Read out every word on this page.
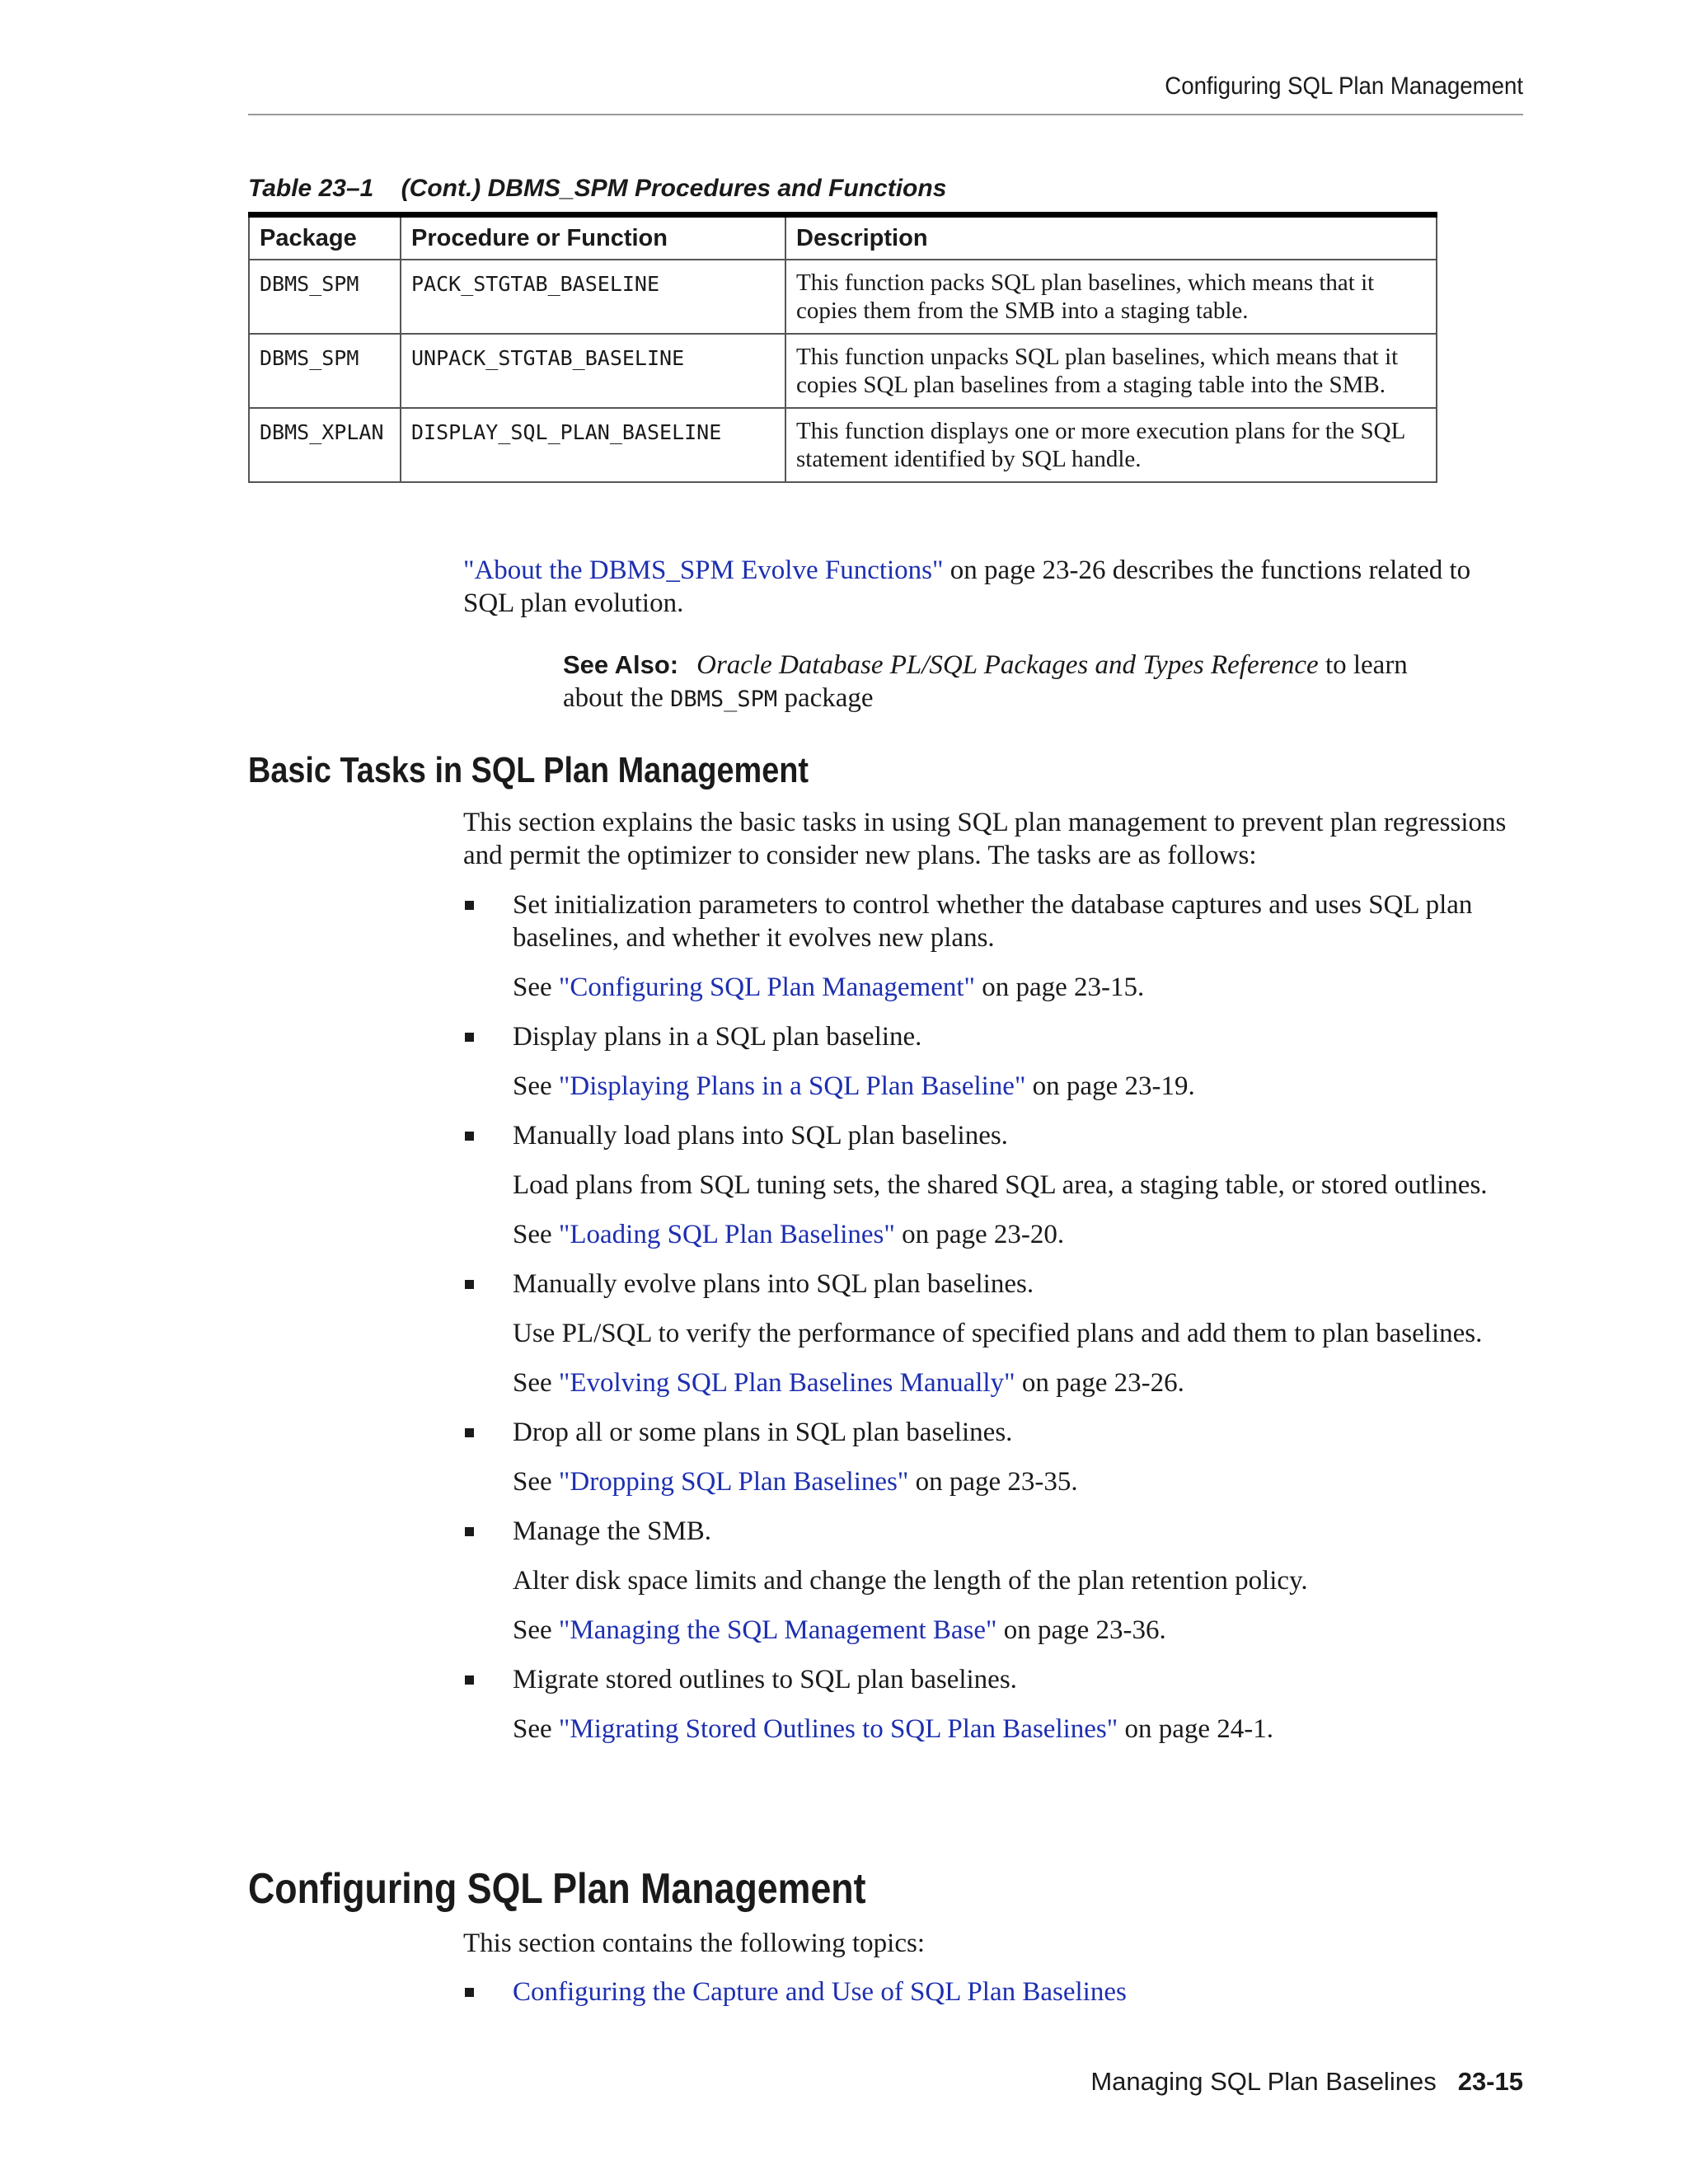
Configuring SQL Plan Management
Table 23–1 (Cont.) DBMS_SPM Procedures and Functions
Package	Procedure or Function	Description
DBMS_SPM	PACK_STGTAB_BASELINE	This function packs SQL plan baselines, which means that it copies them from the SMB into a staging table.
DBMS_SPM	UNPACK_STGTAB_BASELINE	This function unpacks SQL plan baselines, which means that it copies SQL plan baselines from a staging table into the SMB.
DBMS_XPLAN	DISPLAY_SQL_PLAN_BASELINE	This function displays one or more execution plans for the SQL statement identified by SQL handle.

"About the DBMS_SPM Evolve Functions" on page 23-26 describes the functions related to SQL plan evolution.

See Also: Oracle Database PL/SQL Packages and Types Reference to learn about the DBMS_SPM package
Basic Tasks in SQL Plan Management

This section explains the basic tasks in using SQL plan management to prevent plan regressions and permit the optimizer to consider new plans. The tasks are as follows:

Set initialization parameters to control whether the database captures and uses SQL plan baselines, and whether it evolves new plans.

See "Configuring SQL Plan Management" on page 23-15.

Display plans in a SQL plan baseline.

See "Displaying Plans in a SQL Plan Baseline" on page 23-19.

Manually load plans into SQL plan baselines.

Load plans from SQL tuning sets, the shared SQL area, a staging table, or stored outlines.

See "Loading SQL Plan Baselines" on page 23-20.

Manually evolve plans into SQL plan baselines.

Use PL/SQL to verify the performance of specified plans and add them to plan baselines.

See "Evolving SQL Plan Baselines Manually" on page 23-26.

Drop all or some plans in SQL plan baselines.

See "Dropping SQL Plan Baselines" on page 23-35.

Manage the SMB.

Alter disk space limits and change the length of the plan retention policy.

See "Managing the SQL Management Base" on page 23-36.

Migrate stored outlines to SQL plan baselines.

See "Migrating Stored Outlines to SQL Plan Baselines" on page 24-1.

Configuring SQL Plan Management

This section contains the following topics:

Configuring the Capture and Use of SQL Plan Baselines
Managing SQL Plan Baselines 23-15
